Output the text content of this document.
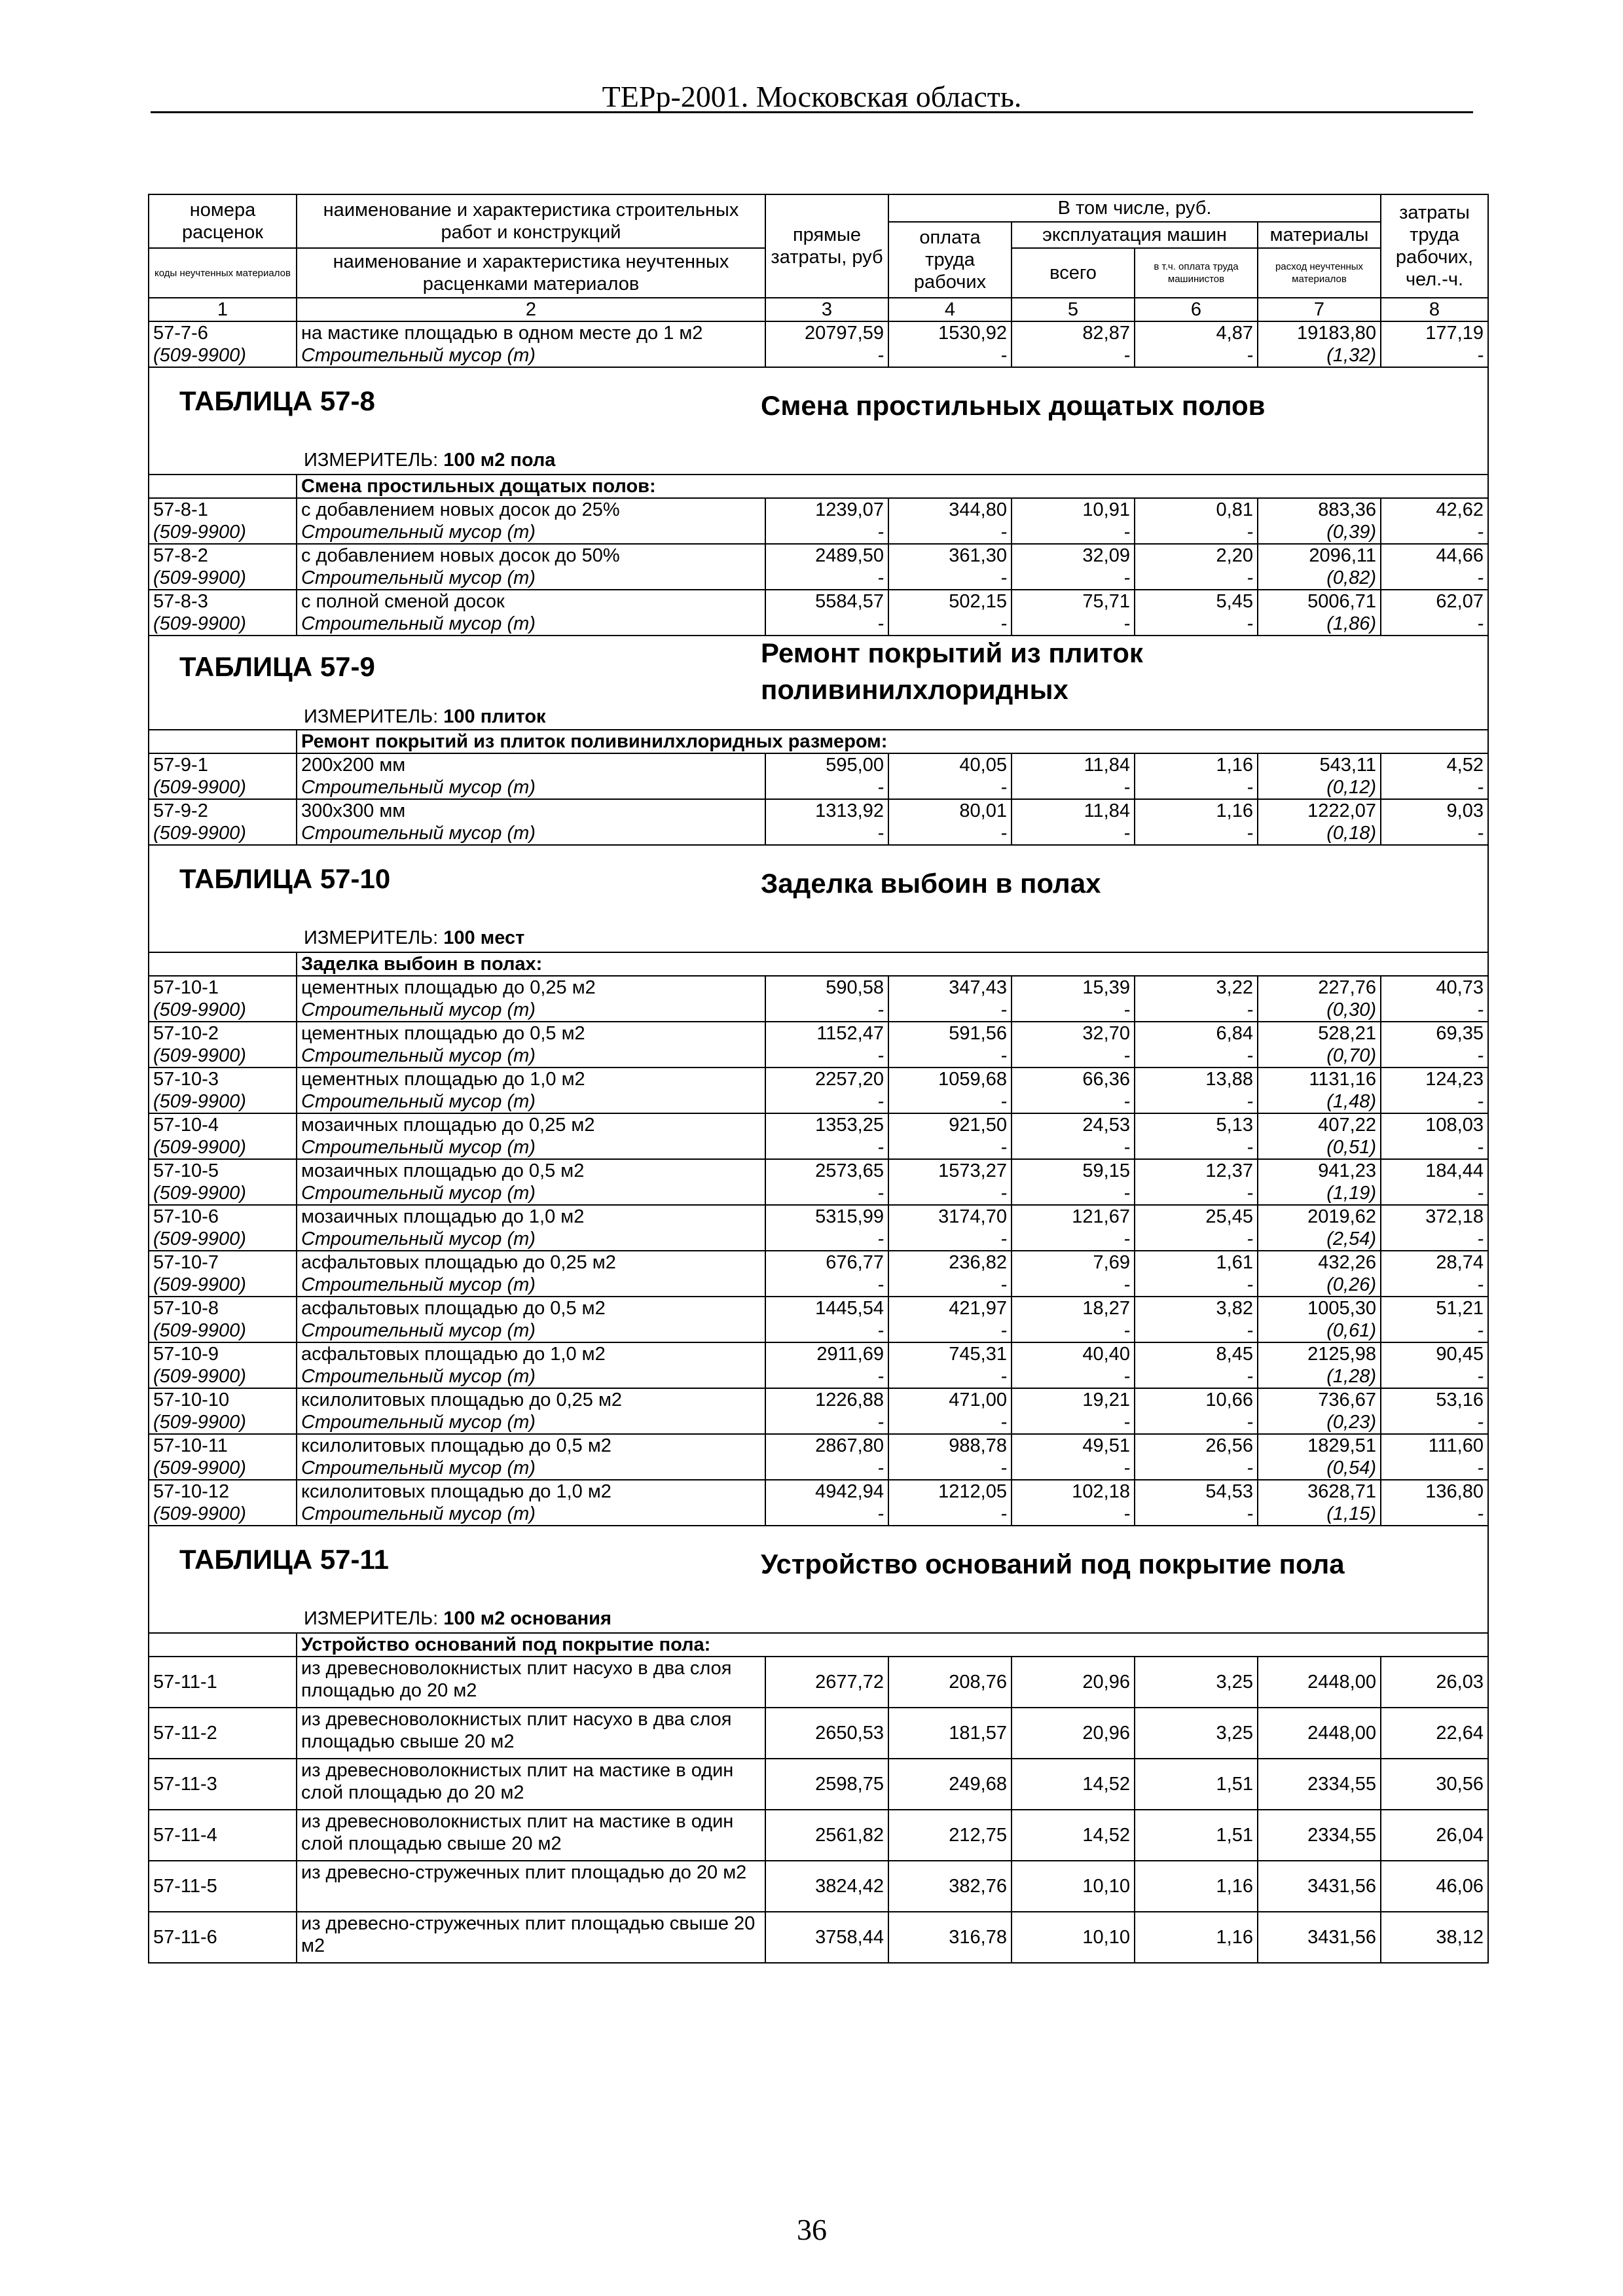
ТЕРр-2001. Московская область.
номера расценок	наименование и характеристика строительных работ и конструкций	прямые затраты, руб	В том числе, руб.				затраты труда рабочих, чел.-ч.
			оплата труда рабочих	эксплуатация машин		материалы	
коды неучтенных материалов	наименование и характеристика неучтенных расценками материалов			всего	в т.ч. оплата труда машинистов	расход неучтенных материалов	

1	2	3	4	5	6	7	8
57-7-6	на мастике площадью в одном месте до 1 м2	20797,59	1530,92	82,87	4,87	19183,80	177,19
(509-9900)	Строительный мусор (т)	-	-	-	-	(1,32)	-

ТАБЛИЦА 57-8 Смена простильных дощатых полов
ИЗМЕРИТЕЛЬ: 100 м2 пола							

	Смена простильных дощатых полов:						
57-8-1	с добавлением новых досок до 25%	1239,07	344,80	10,91	0,81	883,36	42,62
(509-9900)	Строительный мусор (т)	-	-	-	-	(0,39)	-
57-8-2	с добавлением новых досок до 50%	2489,50	361,30	32,09	2,20	2096,11	44,66
(509-9900)	Строительный мусор (т)	-	-	-	-	(0,82)	-
57-8-3	с полной сменой досок	5584,57	502,15	75,71	5,45	5006,71	62,07
(509-9900)	Строительный мусор (т)	-	-	-	-	(1,86)	-

ТАБЛИЦА 57-9 Ремонт покрытий из плиток поливинилхлоридных
ИЗМЕРИТЕЛЬ: 100 плиток							

	Ремонт покрытий из плиток поливинилхлоридных размером:						
57-9-1	200х200 мм	595,00	40,05	11,84	1,16	543,11	4,52
(509-9900)	Строительный мусор (т)	-	-	-	-	(0,12)	-
57-9-2	300х300 мм	1313,92	80,01	11,84	1,16	1222,07	9,03
(509-9900)	Строительный мусор (т)	-	-	-	-	(0,18)	-

ТАБЛИЦА 57-10 Заделка выбоин в полах
ИЗМЕРИТЕЛЬ: 100 мест							

	Заделка выбоин в полах:						
57-10-1	цементных площадью до 0,25 м2	590,58	347,43	15,39	3,22	227,76	40,73
(509-9900)	Строительный мусор (т)	-	-	-	-	(0,30)	-
57-10-2	цементных площадью до 0,5 м2	1152,47	591,56	32,70	6,84	528,21	69,35
(509-9900)	Строительный мусор (т)	-	-	-	-	(0,70)	-
57-10-3	цементных площадью до 1,0 м2	2257,20	1059,68	66,36	13,88	1131,16	124,23
(509-9900)	Строительный мусор (т)	-	-	-	-	(1,48)	-
57-10-4	мозаичных площадью до 0,25 м2	1353,25	921,50	24,53	5,13	407,22	108,03
(509-9900)	Строительный мусор (т)	-	-	-	-	(0,51)	-
57-10-5	мозаичных площадью до 0,5 м2	2573,65	1573,27	59,15	12,37	941,23	184,44
(509-9900)	Строительный мусор (т)	-	-	-	-	(1,19)	-
57-10-6	мозаичных площадью до 1,0 м2	5315,99	3174,70	121,67	25,45	2019,62	372,18
(509-9900)	Строительный мусор (т)	-	-	-	-	(2,54)	-
57-10-7	асфальтовых площадью до 0,25 м2	676,77	236,82	7,69	1,61	432,26	28,74
(509-9900)	Строительный мусор (т)	-	-	-	-	(0,26)	-
57-10-8	асфальтовых площадью до 0,5 м2	1445,54	421,97	18,27	3,82	1005,30	51,21
(509-9900)	Строительный мусор (т)	-	-	-	-	(0,61)	-
57-10-9	асфальтовых площадью до 1,0 м2	2911,69	745,31	40,40	8,45	2125,98	90,45
(509-9900)	Строительный мусор (т)	-	-	-	-	(1,28)	-
57-10-10	ксилолитовых площадью до 0,25 м2	1226,88	471,00	19,21	10,66	736,67	53,16
(509-9900)	Строительный мусор (т)	-	-	-	-	(0,23)	-
57-10-11	ксилолитовых площадью до 0,5 м2	2867,80	988,78	49,51	26,56	1829,51	111,60
(509-9900)	Строительный мусор (т)	-	-	-	-	(0,54)	-
57-10-12	ксилолитовых площадью до 1,0 м2	4942,94	1212,05	102,18	54,53	3628,71	136,80
(509-9900)	Строительный мусор (т)	-	-	-	-	(1,15)	-

ТАБЛИЦА 57-11 Устройство оснований под покрытие пола
ИЗМЕРИТЕЛЬ: 100 м2 основания							

	Устройство оснований под покрытие пола:						
57-11-1	из древесноволокнистых плит насухо в два слоя площадью до 20 м2	2677,72	208,76	20,96	3,25	2448,00	26,03
57-11-2	из древесноволокнистых плит насухо в два слоя площадью свыше 20 м2	2650,53	181,57	20,96	3,25	2448,00	22,64
57-11-3	из древесноволокнистых плит на мастике в один слой площадью до 20 м2	2598,75	249,68	14,52	1,51	2334,55	30,56
57-11-4	из древесноволокнистых плит на мастике в один слой площадью свыше 20 м2	2561,82	212,75	14,52	1,51	2334,55	26,04
57-11-5	из древесно-стружечных плит площадью до 20 м2	3824,42	382,76	10,10	1,16	3431,56	46,06
57-11-6	из древесно-стружечных плит площадью свыше 20 м2	3758,44	316,78	10,10	1,16	3431,56	38,12
36
